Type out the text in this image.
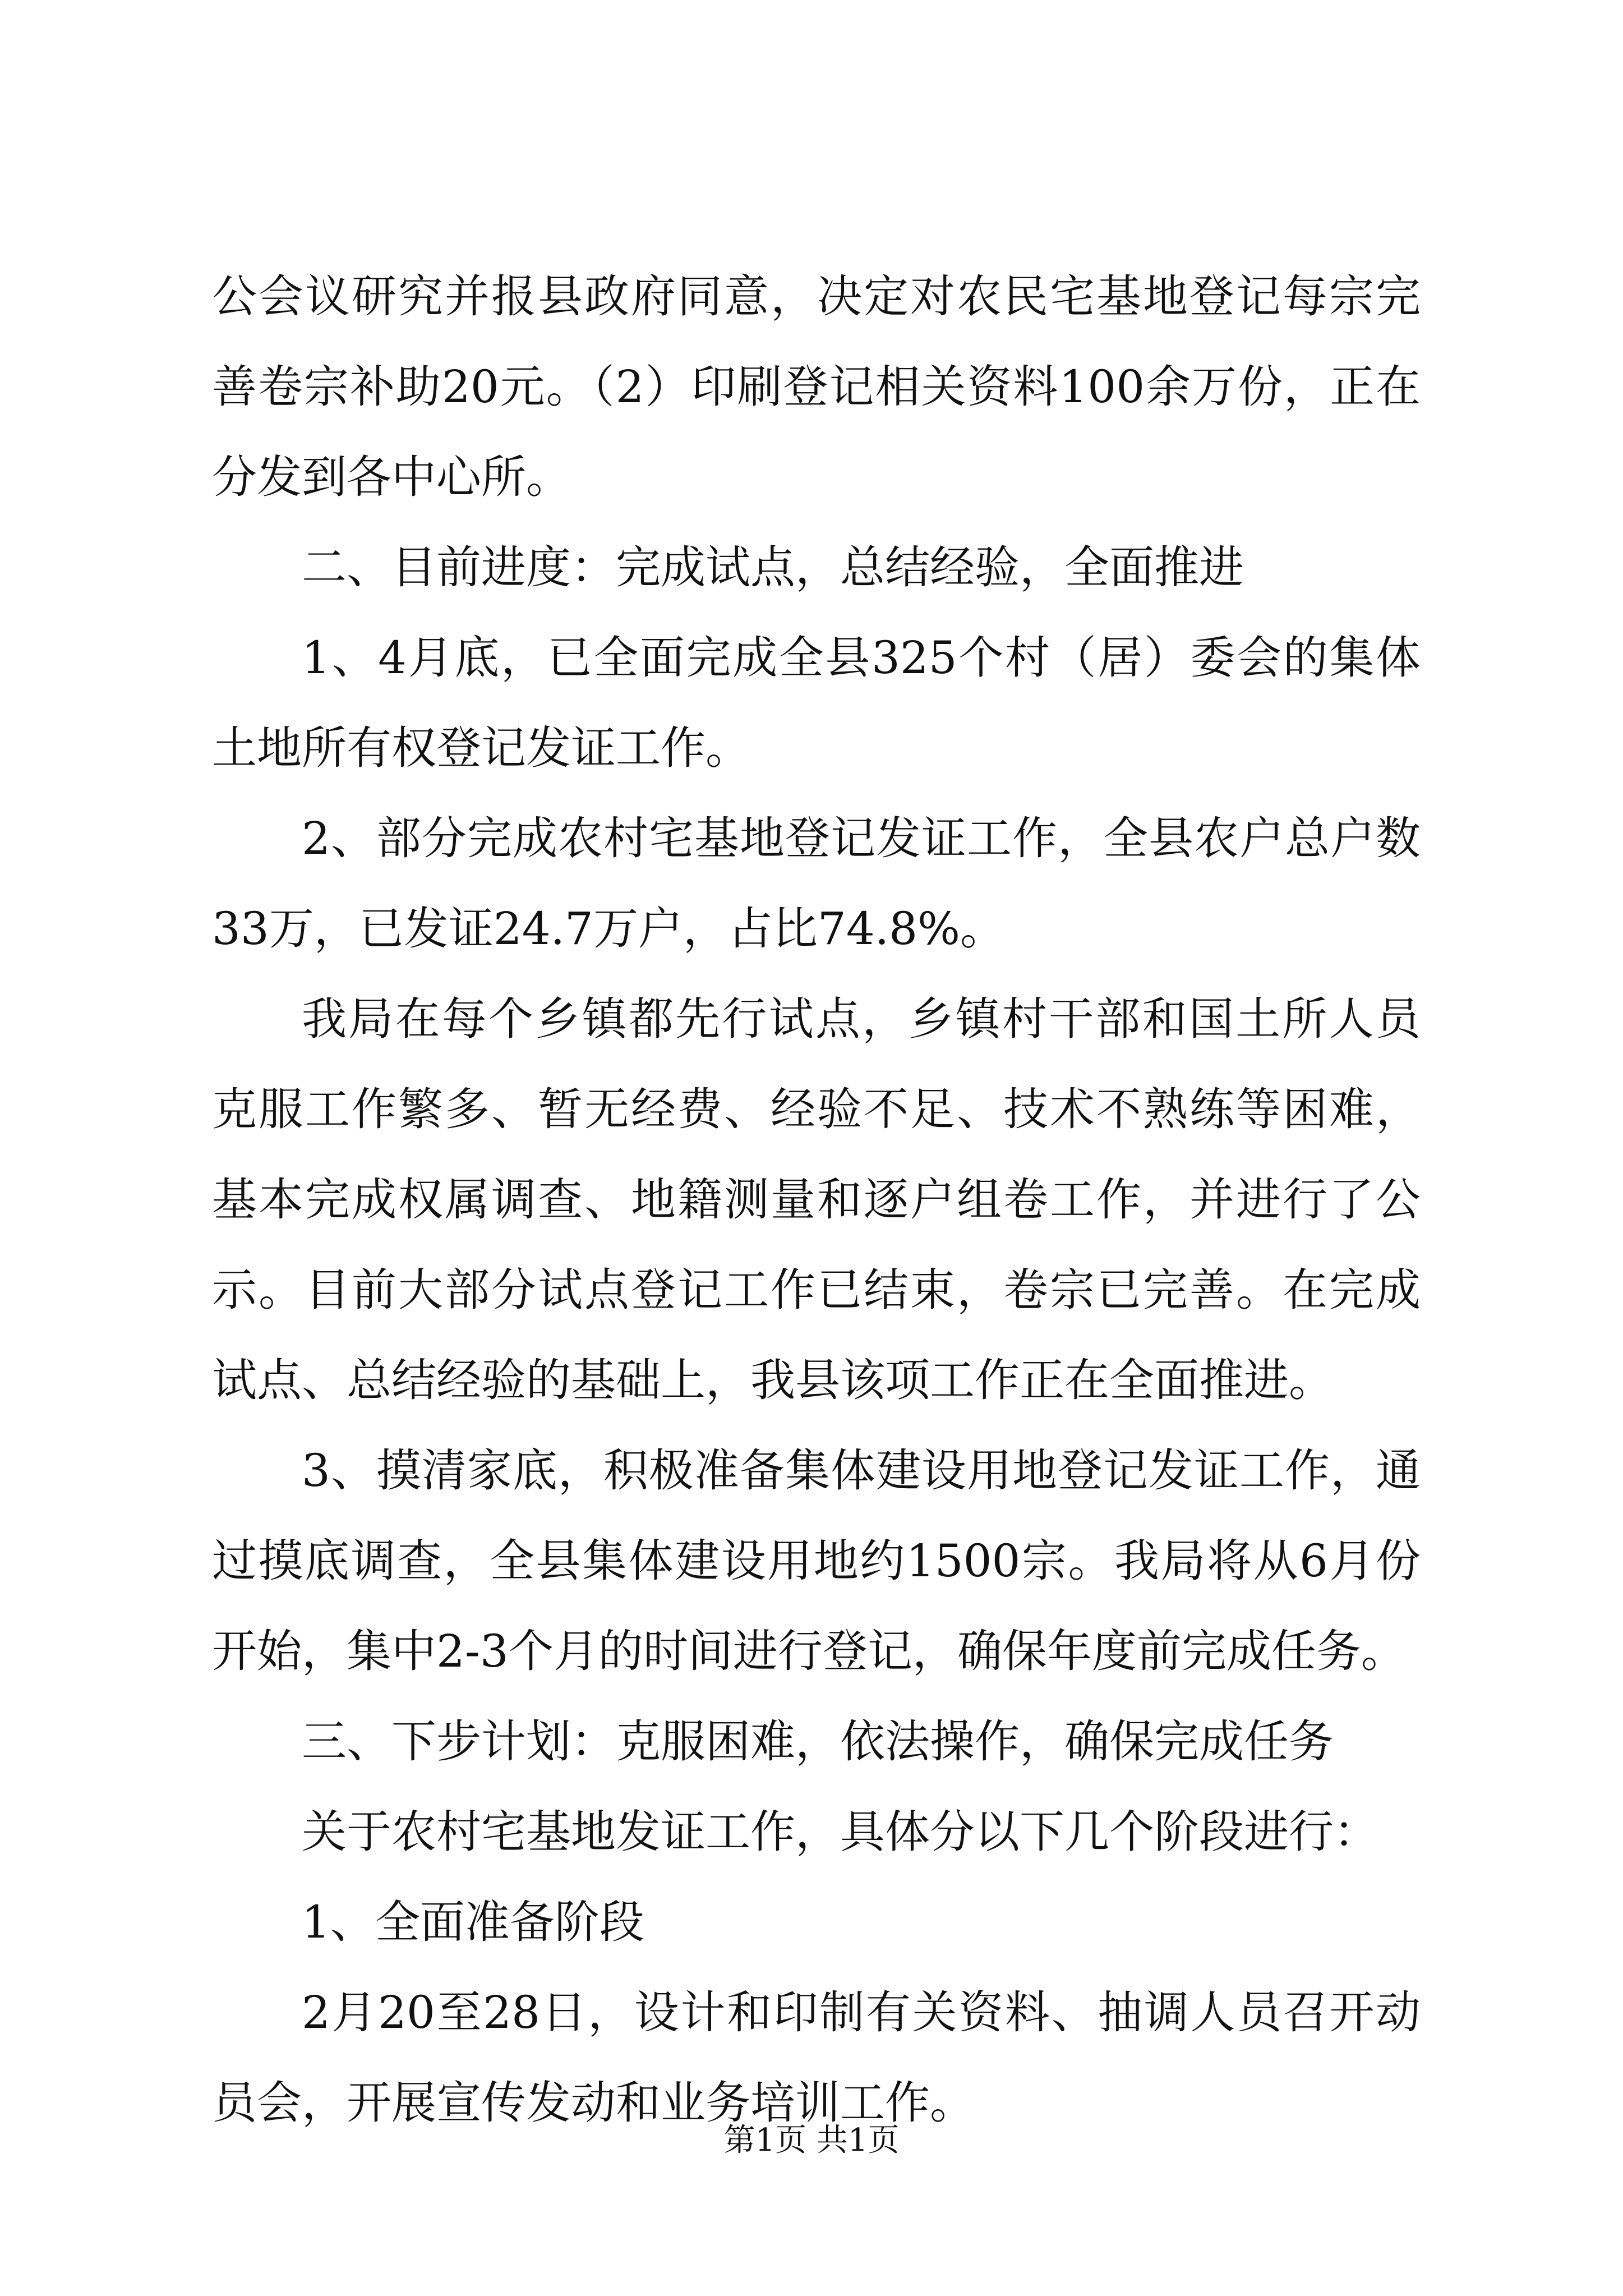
公会议研究并报县政府同意，决定对农民宅基地登记每宗完善卷宗补助20元。（2）印刷登记相关资料100余万份，正在分发到各中心所。

二、目前进度：完成试点，总结经验，全面推进

1、4月底，已全面完成全县325个村（居）委会的集体土地所有权登记发证工作。

2、部分完成农村宅基地登记发证工作，全县农户总户数33万，已发证24.7万户，占比74.8%。

我局在每个乡镇都先行试点，乡镇村干部和国土所人员克服工作繁多、暂无经费、经验不足、技术不熟练等困难，基本完成权属调查、地籍测量和逐户组卷工作，并进行了公示。目前大部分试点登记工作已结束，卷宗已完善。在完成试点、总结经验的基础上，我县该项工作正在全面推进。

3、摸清家底，积极准备集体建设用地登记发证工作，通过摸底调查，全县集体建设用地约1500宗。我局将从6月份开始，集中2-3个月的时间进行登记，确保年度前完成任务。

三、下步计划：克服困难，依法操作，确保完成任务

关于农村宅基地发证工作，具体分以下几个阶段进行：

1、全面准备阶段

2月20至28日，设计和印制有关资料、抽调人员召开动员会，开展宣传发动和业务培训工作。

第1页 共1页
